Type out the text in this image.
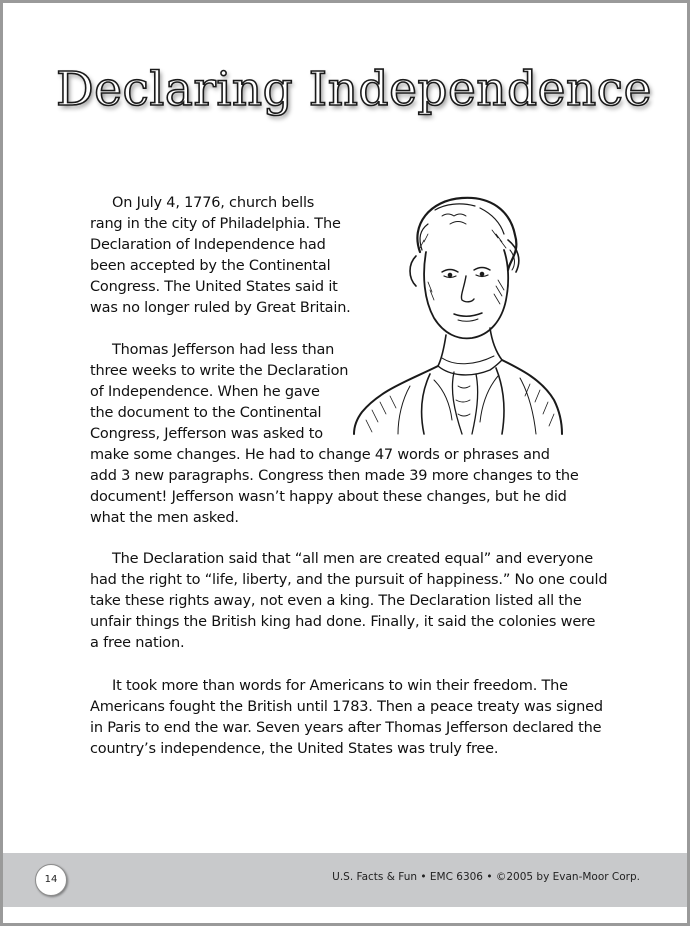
Declaring Independence
On July 4, 1776, church bells
rang in the city of Philadelphia. The
Declaration of Independence had
been accepted by the Continental
Congress. The United States said it
was no longer ruled by Great Britain.
Thomas Jefferson had less than
three weeks to write the Declaration
of Independence. When he gave
the document to the Continental
Congress, Jefferson was asked to
make some changes. He had to change 47 words or phrases and
add 3 new paragraphs. Congress then made 39 more changes to the
document! Jefferson wasn’t happy about these changes, but he did
what the men asked.
The Declaration said that “all men are created equal” and everyone
had the right to “life, liberty, and the pursuit of happiness.” No one could
take these rights away, not even a king. The Declaration listed all the
unfair things the British king had done. Finally, it said the colonies were
a free nation.
It took more than words for Americans to win their freedom. The
Americans fought the British until 1783. Then a peace treaty was signed
in Paris to end the war. Seven years after Thomas Jefferson declared the
country’s independence, the United States was truly free.
14	U.S. Facts & Fun • EMC 6306 • ©2005 by Evan-Moor Corp.
